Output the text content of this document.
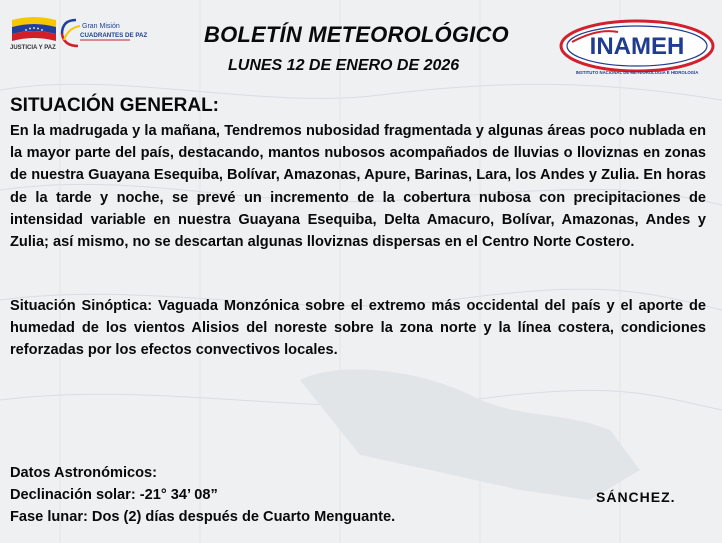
JUSTICIA Y PAZ
Gran Misión
CUADRANTES DE PAZ	INAMEH
INSTITUTO NACIONAL DE METEOROLOGÍA E HIDROLOGÍA
BOLETÍN METEOROLÓGICO
LUNES 12 DE ENERO DE 2026
SITUACIÓN GENERAL:
En la madrugada y la mañana, Tendremos nubosidad fragmentada y algunas áreas poco nublada en la mayor parte del país, destacando, mantos nubosos acompañados de lluvias o lloviznas en zonas de nuestra Guayana Esequiba, Bolívar, Amazonas, Apure, Barinas, Lara, los Andes y Zulia. En horas de la tarde y noche, se prevé un incremento de la cobertura nubosa con precipitaciones de intensidad variable en nuestra Guayana Esequiba, Delta Amacuro, Bolívar, Amazonas, Andes y Zulia; así mismo, no se descartan algunas lloviznas dispersas en el Centro Norte Costero.
Situación Sinóptica: Vaguada Monzónica sobre el extremo más occidental del país y el aporte de humedad de los vientos Alisios del noreste sobre la zona norte y la línea costera, condiciones reforzadas por los efectos convectivos locales.
Datos Astronómicos:
Declinación solar: -21° 34’ 08”
Fase lunar: Dos (2) días después de Cuarto Menguante.
SÁNCHEZ.
